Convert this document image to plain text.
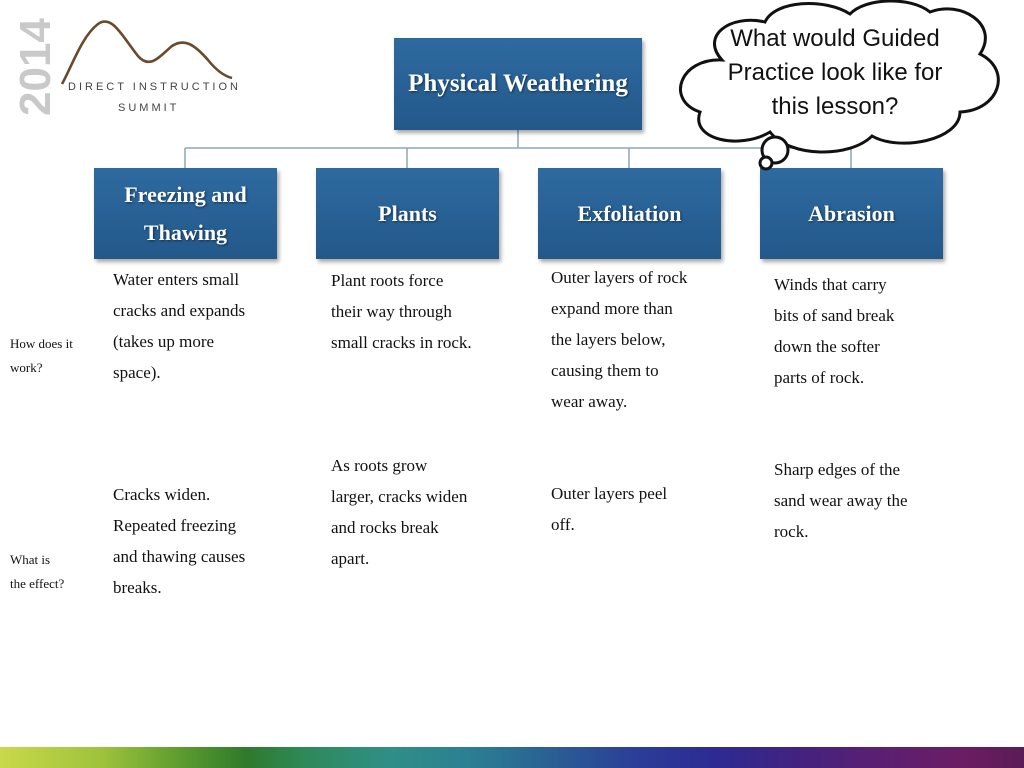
2014 DIRECT INSTRUCTION
SUMMIT
Physical Weathering
Freezing and
Thawing
Plants	Exfoliation	Abrasion
What would Guided
Practice look like for
this lesson?
How does it
work?
What is
the effect?
Water enters small
cracks and expands
(takes up more
space).
Plant roots force
their way through
small cracks in rock.
Outer layers of rock
expand more than
the layers below,
causing them to
wear away.
Winds that carry
bits of sand break
down the softer
parts of rock.
Cracks widen.
Repeated freezing
and thawing causes
breaks.
As roots grow
larger, cracks widen
and rocks break
apart.
Outer layers peel
off.
Sharp edges of the
sand wear away the
rock.
